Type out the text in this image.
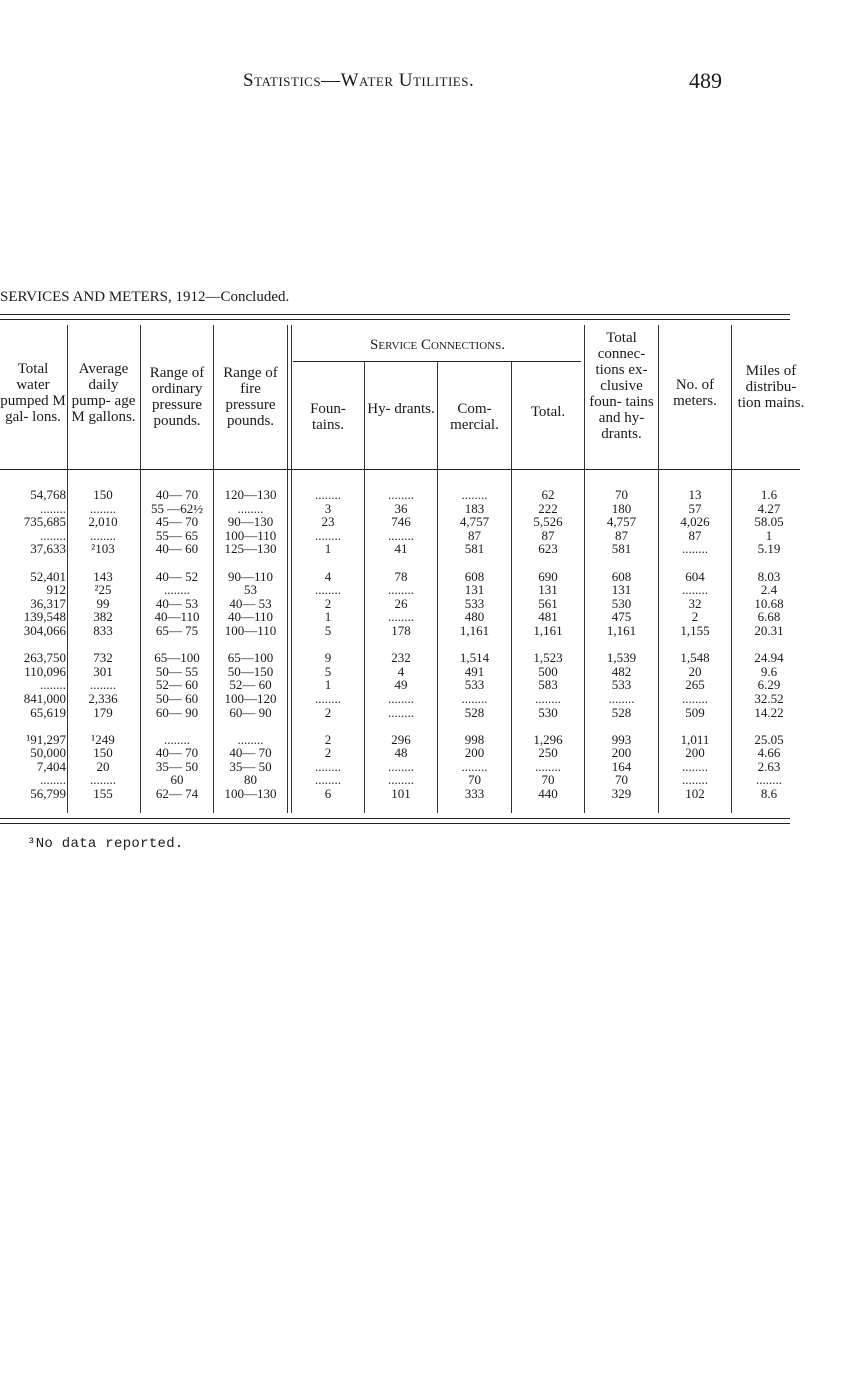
Statistics—Water Utilities.	489
SERVICES AND METERS, 1912—Concluded.
Total water pumped M gal- lons.
Average daily pump- age M gallons.
Range of ordinary pressure pounds.
Range of fire pressure pounds.
Service Connections.
Foun- tains.
Hy- drants.	Com- mercial.
Total.
Total connec- tions ex- clusive foun- tains and hy- drants.
No. of meters.
Miles of distribu- tion mains.
54,768
........
735,685
........
37,633

52,401
912
36,317
139,548
304,066

263,750
110,096
........
841,000
65,619

¹91,297
50,000
7,404
........
56,799
150
........
2,010
........
²103

143
²25
99
382
833

732
301
........
2,336
179

¹249
150
20
........
155
40— 70
55 —62½
45— 70
55— 65
40— 60

40— 52
........
40— 53
40—110
65— 75

65—100
50— 55
52— 60
50— 60
60— 90

........
40— 70
35— 50
60
62— 74
120—130
........
90—130
100—110
125—130

90—110
53
40— 53
40—110
100—110

65—100
50—150
52— 60
100—120
60— 90

........
40— 70
35— 50
80
100—130
........
3
23
........
1

4
........
2
1
5

9
5
1
........
2

2
2
........
........
6
........
36
746
........
41

78
........
26
........
178

232
4
49
........
........

296
48
........
........
101
........
183
4,757
87
581

608
131
533
480
1,161

1,514
491
533
........
528

998
200
........
70
333
62
222
5,526
87
623

690
131
561
481
1,161

1,523
500
583
........
530

1,296
250
........
70
440
70
180
4,757
87
581

608
131
530
475
1,161

1,539
482
533
........
528

993
200
164
70
329
13
57
4,026
87
........

604
........
32
2
1,155

1,548
20
265
........
509

1,011
200
........
........
102
1.6
4.27
58.05
1
5.19

8.03
2.4
10.68
6.68
20.31

24.94
9.6
6.29
32.52
14.22

25.05
4.66
2.63
........
8.6
³No data reported.
